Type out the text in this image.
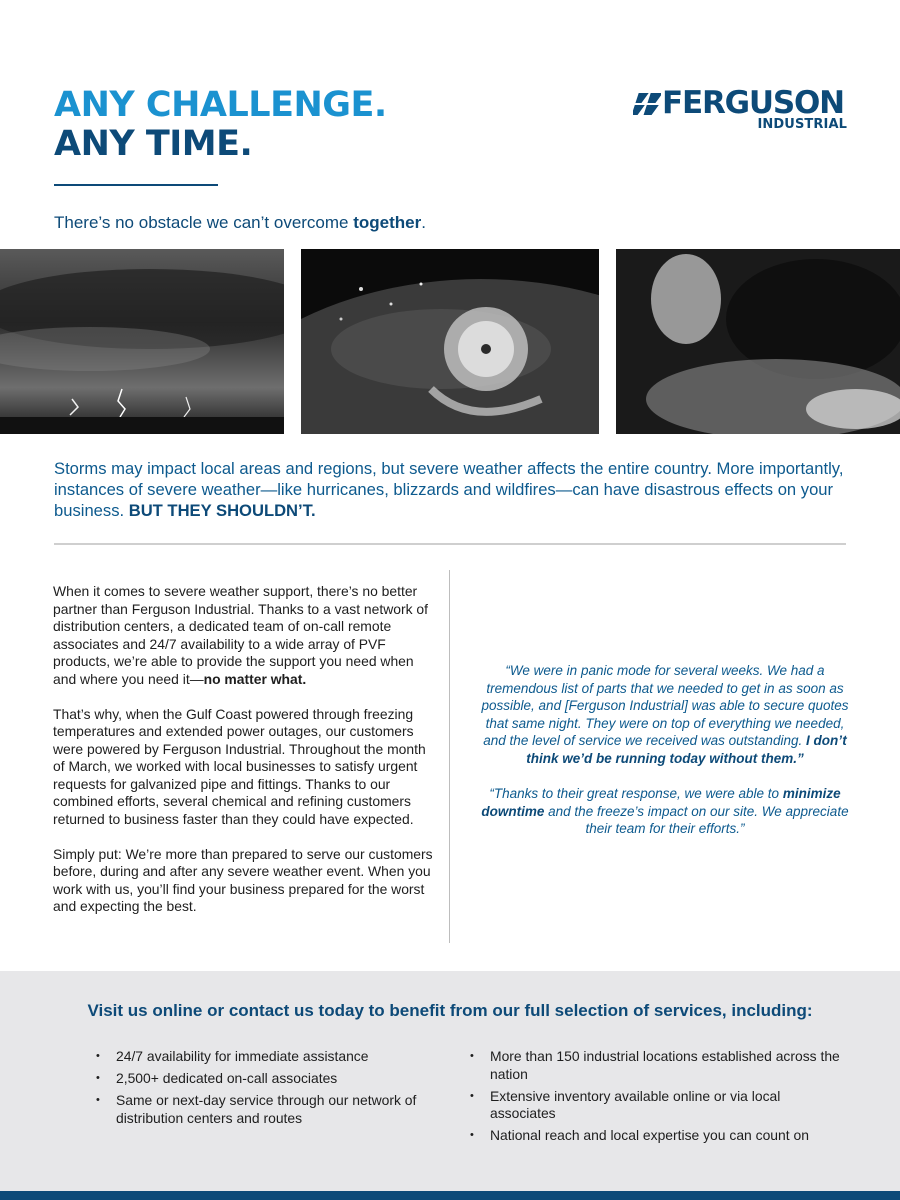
ANY CHALLENGE.
ANY TIME.
FERGUSON
INDUSTRIAL
There’s no obstacle we can’t overcome together.
Storms may impact local areas and regions, but severe weather affects the entire country. More importantly, instances of severe weather—like hurricanes, blizzards and wildfires—can have disastrous effects on your business. BUT THEY SHOULDN’T.

When it comes to severe weather support, there’s no better partner than Ferguson Industrial. Thanks to a vast network of distribution centers, a dedicated team of on-call remote associates and 24/7 availability to a wide array of PVF products, we’re able to provide the support you need when and where you need it—no matter what.

That’s why, when the Gulf Coast powered through freezing temperatures and extended power outages, our customers were powered by Ferguson Industrial. Throughout the month of March, we worked with local businesses to satisfy urgent requests for galvanized pipe and fittings. Thanks to our combined efforts, several chemical and refining customers returned to business faster than they could have expected.

Simply put: We’re more than prepared to serve our customers before, during and after any severe weather event. When you work with us, you’ll find your business prepared for the worst and expecting the best.

“We were in panic mode for several weeks. We had a tremendous list of parts that we needed to get in as soon as possible, and [Ferguson Industrial] was able to secure quotes that same night. They were on top of everything we needed, and the level of service we received was outstanding. I don’t think we’d be running today without them.”

“Thanks to their great response, we were able to minimize downtime and the freeze’s impact on our site. We appreciate their team for their efforts.”

Visit us online or contact us today to benefit from our full selection of services, including:
• 24/7 availability for immediate assistance
• 2,500+ dedicated on-call associates
• Same or next-day service through our network of distribution centers and routes
• More than 150 industrial locations established across the nation
• Extensive inventory available online or via local associates
• National reach and local expertise you can count on
